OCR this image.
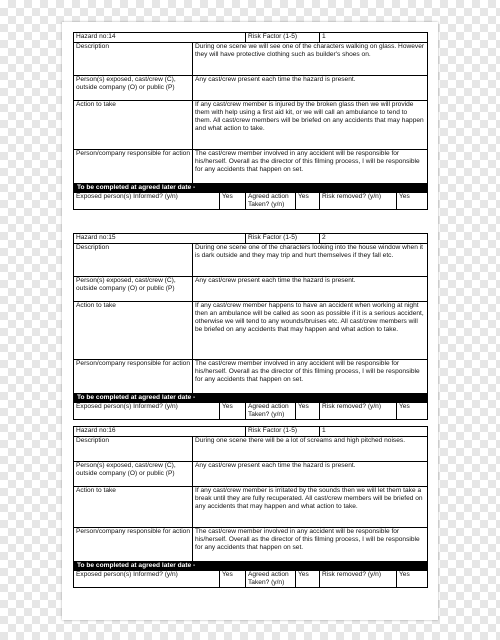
Hazard no:14			Risk Factor (1-5)		1	
Description	During one scene we will see one of the characters walking on glass. However they will have protective clothing such as builder's shoes on.					
Person(s) exposed, cast/crew (C), outside company (O) or public (P)	Any cast/crew present each time the hazard is present.					
Action to take	If any cast/crew member is injured by the broken glass then we will provide them with help using a first aid kit, or we will call an ambulance to tend to them. All cast/crew members will be briefed on any accidents that may happen and what action to take.					
Person/company responsible for action	The cast/crew member involved in any accident will be responsible for his/herself. Overall as the director of this filming process, I will be responsible for any accidents that happen on set.					
To be completed at agreed later date -						
Exposed person(s) Informed? (y/n)		Yes	Agreed action Taken? (y/n)	Yes	Risk removed? (y/n)	Yes
Hazard no:15			Risk Factor (1-5)		2	
Description	During one scene one of the characters looking into the house window when it is dark outside and they may trip and hurt themselves if they fall etc.					
Person(s) exposed, cast/crew (C), outside company (O) or public (P)	Any cast/crew present each time the hazard is present.					
Action to take	If any cast/crew member happens to have an accident when working at night then an ambulance will be called as soon as possible if it is a serious accident, otherwise we will tend to any wounds/bruises etc. All cast/crew members will be briefed on any accidents that may happen and what action to take.					
Person/company responsible for action	The cast/crew member involved in any accident will be responsible for his/herself. Overall as the director of this filming process, I will be responsible for any accidents that happen on set.					
To be completed at agreed later date -						
Exposed person(s) Informed? (y/n)		Yes	Agreed action Taken? (y/n)	Yes	Risk removed? (y/n)	Yes
Hazard no:16			Risk Factor (1-5)		1	
Description	During one scene there will be a lot of screams and high pitched noises.					
Person(s) exposed, cast/crew (C), outside company (O) or public (P)	Any cast/crew present each time the hazard is present.					
Action to take	If any cast/crew member is irritated by the sounds then we will let them take a break until they are fully recuperated. All cast/crew members will be briefed on any accidents that may happen and what action to take.					
Person/company responsible for action	The cast/crew member involved in any accident will be responsible for his/herself. Overall as the director of this filming process, I will be responsible for any accidents that happen on set.					
To be completed at agreed later date -						
Exposed person(s) Informed? (y/n)		Yes	Agreed action Taken? (y/n)	Yes	Risk removed? (y/n)	Yes
